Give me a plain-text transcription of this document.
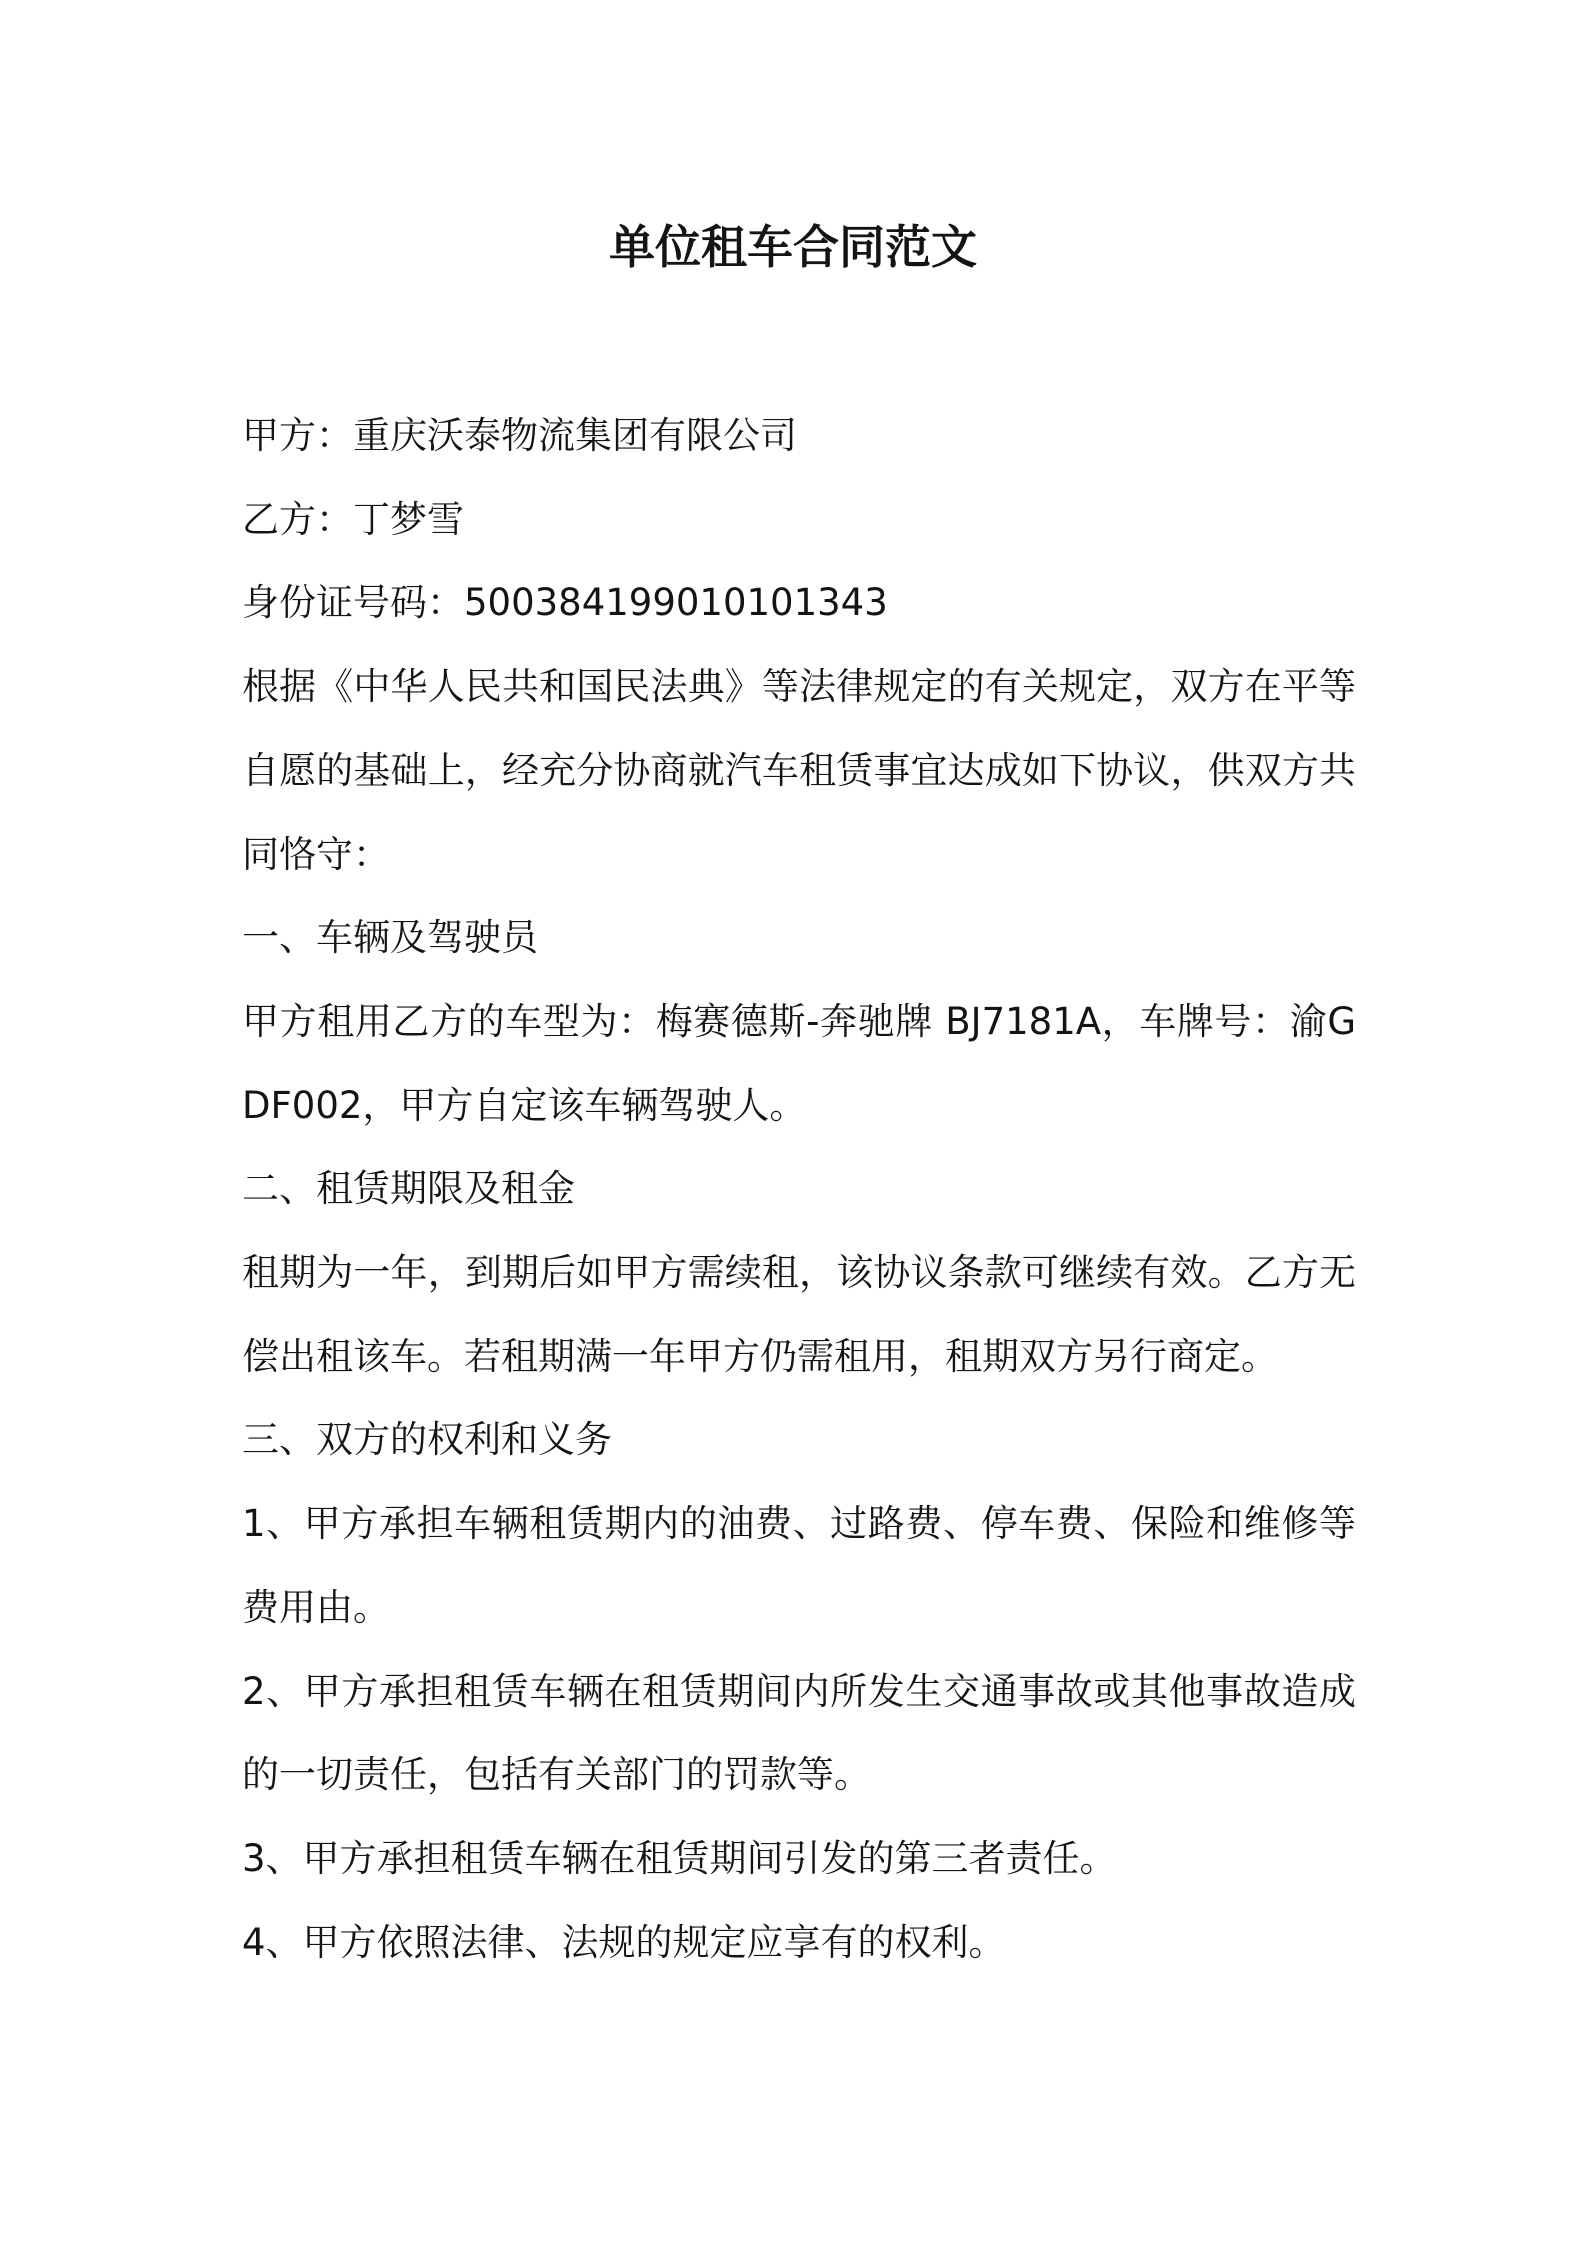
单位租车合同范文

甲方：重庆沃泰物流集团有限公司

乙方：丁梦雪

身份证号码：500384199010101343

根据《中华人民共和国民法典》等法律规定的有关规定，双方在平等自愿的基础上，经充分协商就汽车租赁事宜达成如下协议，供双方共同恪守：

一、车辆及驾驶员

甲方租用乙方的车型为：梅赛德斯-奔驰牌 BJ7181A，车牌号：渝GDF002，甲方自定该车辆驾驶人。

二、租赁期限及租金

租期为一年，到期后如甲方需续租，该协议条款可继续有效。乙方无偿出租该车。若租期满一年甲方仍需租用，租期双方另行商定。

三、双方的权利和义务

1、甲方承担车辆租赁期内的油费、过路费、停车费、保险和维修等费用由。

2、甲方承担租赁车辆在租赁期间内所发生交通事故或其他事故造成的一切责任，包括有关部门的罚款等。

3、甲方承担租赁车辆在租赁期间引发的第三者责任。

4、甲方依照法律、法规的规定应享有的权利。
